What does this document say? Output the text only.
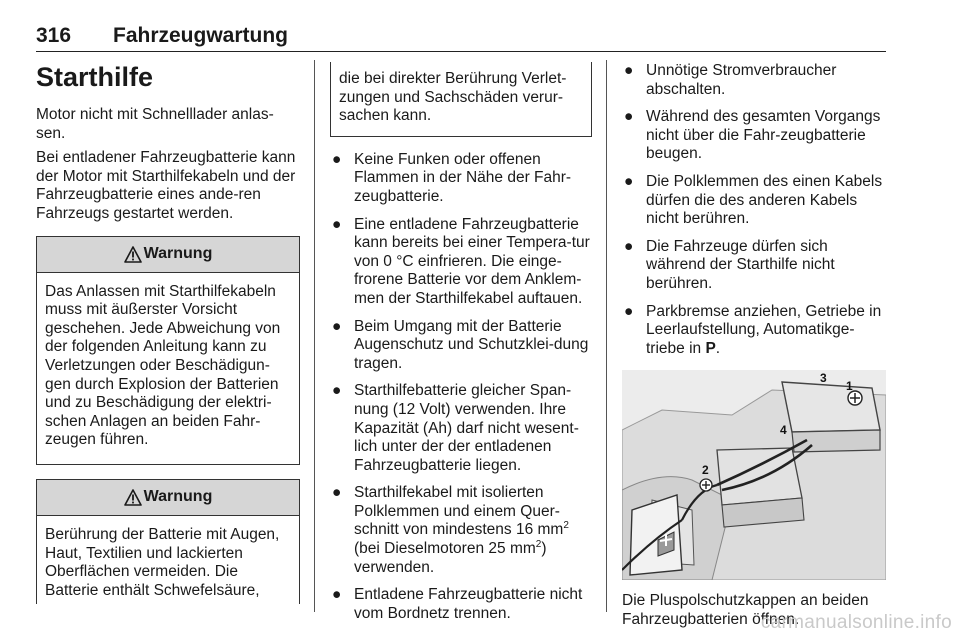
316 Fahrzeugwartung
Starthilfe

Motor nicht mit Schnelllader anlas-sen.

Bei entladener Fahrzeugbatterie kann der Motor mit Starthilfekabeln und der Fahrzeugbatterie eines ande-ren Fahrzeugs gestartet werden.

Warnung
Das Anlassen mit Starthilfekabeln muss mit äußerster Vorsicht geschehen. Jede Abweichung von der folgenden Anleitung kann zu Verletzungen oder Beschädigun-gen durch Explosion der Batterien und zu Beschädigung der elektri-schen Anlagen an beiden Fahr-zeugen führen.
Warnung
Berührung der Batterie mit Augen, Haut, Textilien und lackierten Oberflächen vermeiden. Die Batterie enthält Schwefelsäure,
die bei direkter Berührung Verlet-zungen und Sachschäden verur-sachen kann.
● Keine Funken oder offenen Flammen in der Nähe der Fahr-zeugbatterie.
● Eine entladene Fahrzeugbatterie kann bereits bei einer Tempera-tur von 0 °C einfrieren. Die einge-frorene Batterie vor dem Anklem-men der Starthilfekabel auftauen.
● Beim Umgang mit der Batterie Augenschutz und Schutzklei-dung tragen.
● Starthilfebatterie gleicher Span-nung (12 Volt) verwenden. Ihre Kapazität (Ah) darf nicht wesent-lich unter der der entladenen Fahrzeugbatterie liegen.
● Starthilfekabel mit isolierten Polklemmen und einem Quer-schnitt von mindestens 16 $mm^2$ (bei Dieselmotoren 25 $mm^2$) verwenden.
● Entladene Fahrzeugbatterie nicht vom Bordnetz trennen.
● Unnötige Stromverbraucher abschalten.
● Während des gesamten Vorgangs nicht über die Fahr-zeugbatterie beugen.
● Die Polklemmen des einen Kabels dürfen die des anderen Kabels nicht berühren.
● Die Fahrzeuge dürfen sich während der Starthilfe nicht berühren.
● Parkbremse anziehen, Getriebe in Leerlaufstellung, Automatikge-triebe in P.
1
2
3
4
Die Pluspolschutzkappen an beiden Fahrzeugbatterien öffnen.
carmanualsonline.info
